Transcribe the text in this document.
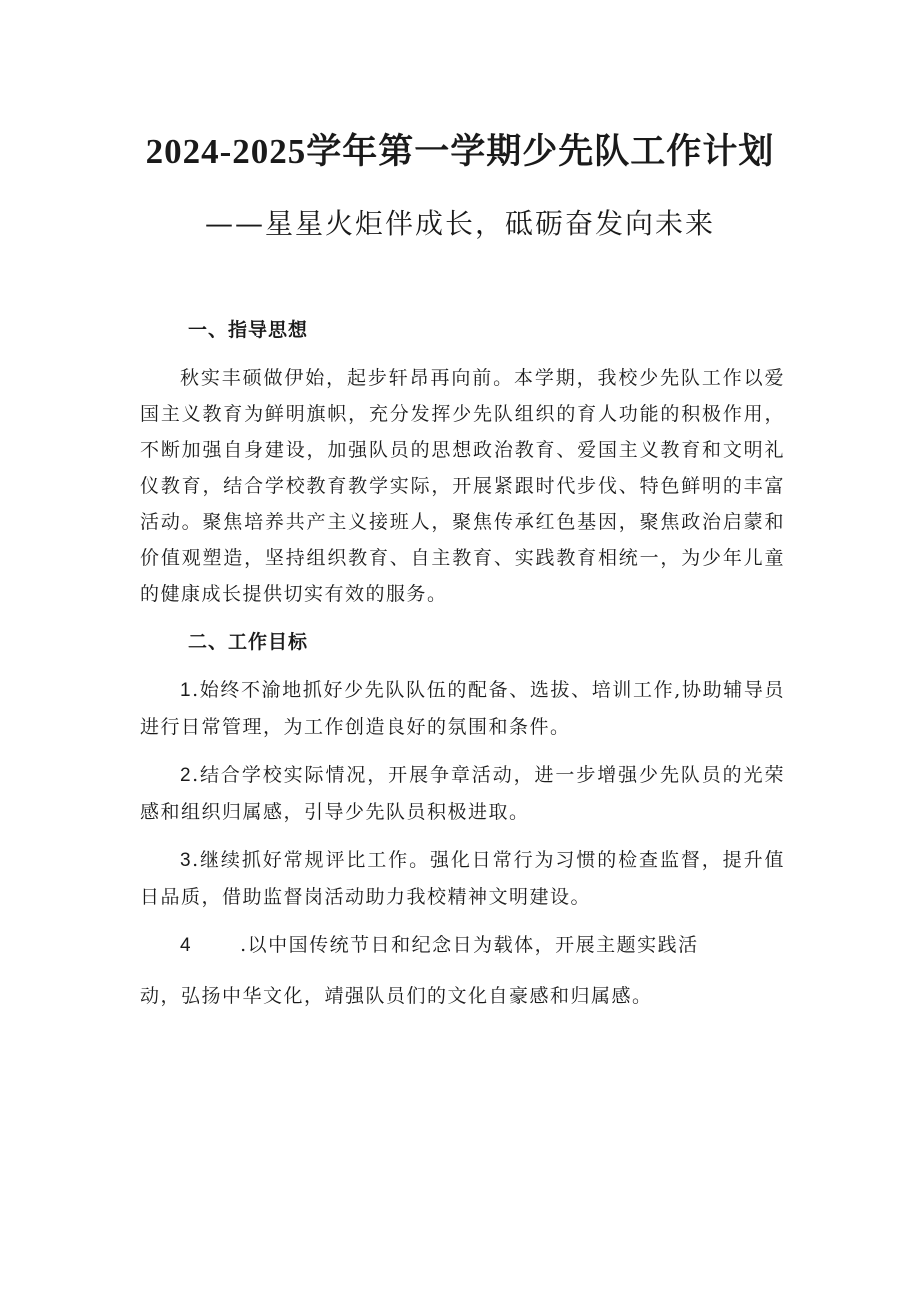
2024-2025学年第一学期少先队工作计划
——星星火炬伴成长，砥砺奋发向未来
一、指导思想

秋实丰硕做伊始，起步轩昂再向前。本学期，我校少先队工作以爱国主义教育为鲜明旗帜，充分发挥少先队组织的育人功能的积极作用，不断加强自身建设，加强队员的思想政治教育、爱国主义教育和文明礼仪教育，结合学校教育教学实际，开展紧跟时代步伐、特色鲜明的丰富活动。聚焦培养共产主义接班人，聚焦传承红色基因，聚焦政治启蒙和价值观塑造，坚持组织教育、自主教育、实践教育相统一，为少年儿童的健康成长提供切实有效的服务。

二、工作目标

1.始终不渝地抓好少先队队伍的配备、选拔、培训工作,协助辅导员进行日常管理，为工作创造良好的氛围和条件。

2.结合学校实际情况，开展争章活动，进一步增强少先队员的光荣感和组织归属感，引导少先队员积极进取。

3.继续抓好常规评比工作。强化日常行为习惯的检查监督，提升值日品质，借助监督岗活动助力我校精神文明建设。

4	.以中国传统节日和纪念日为载体，开展主题实践活

动，弘扬中华文化，靖强队员们的文化自豪感和归属感。
